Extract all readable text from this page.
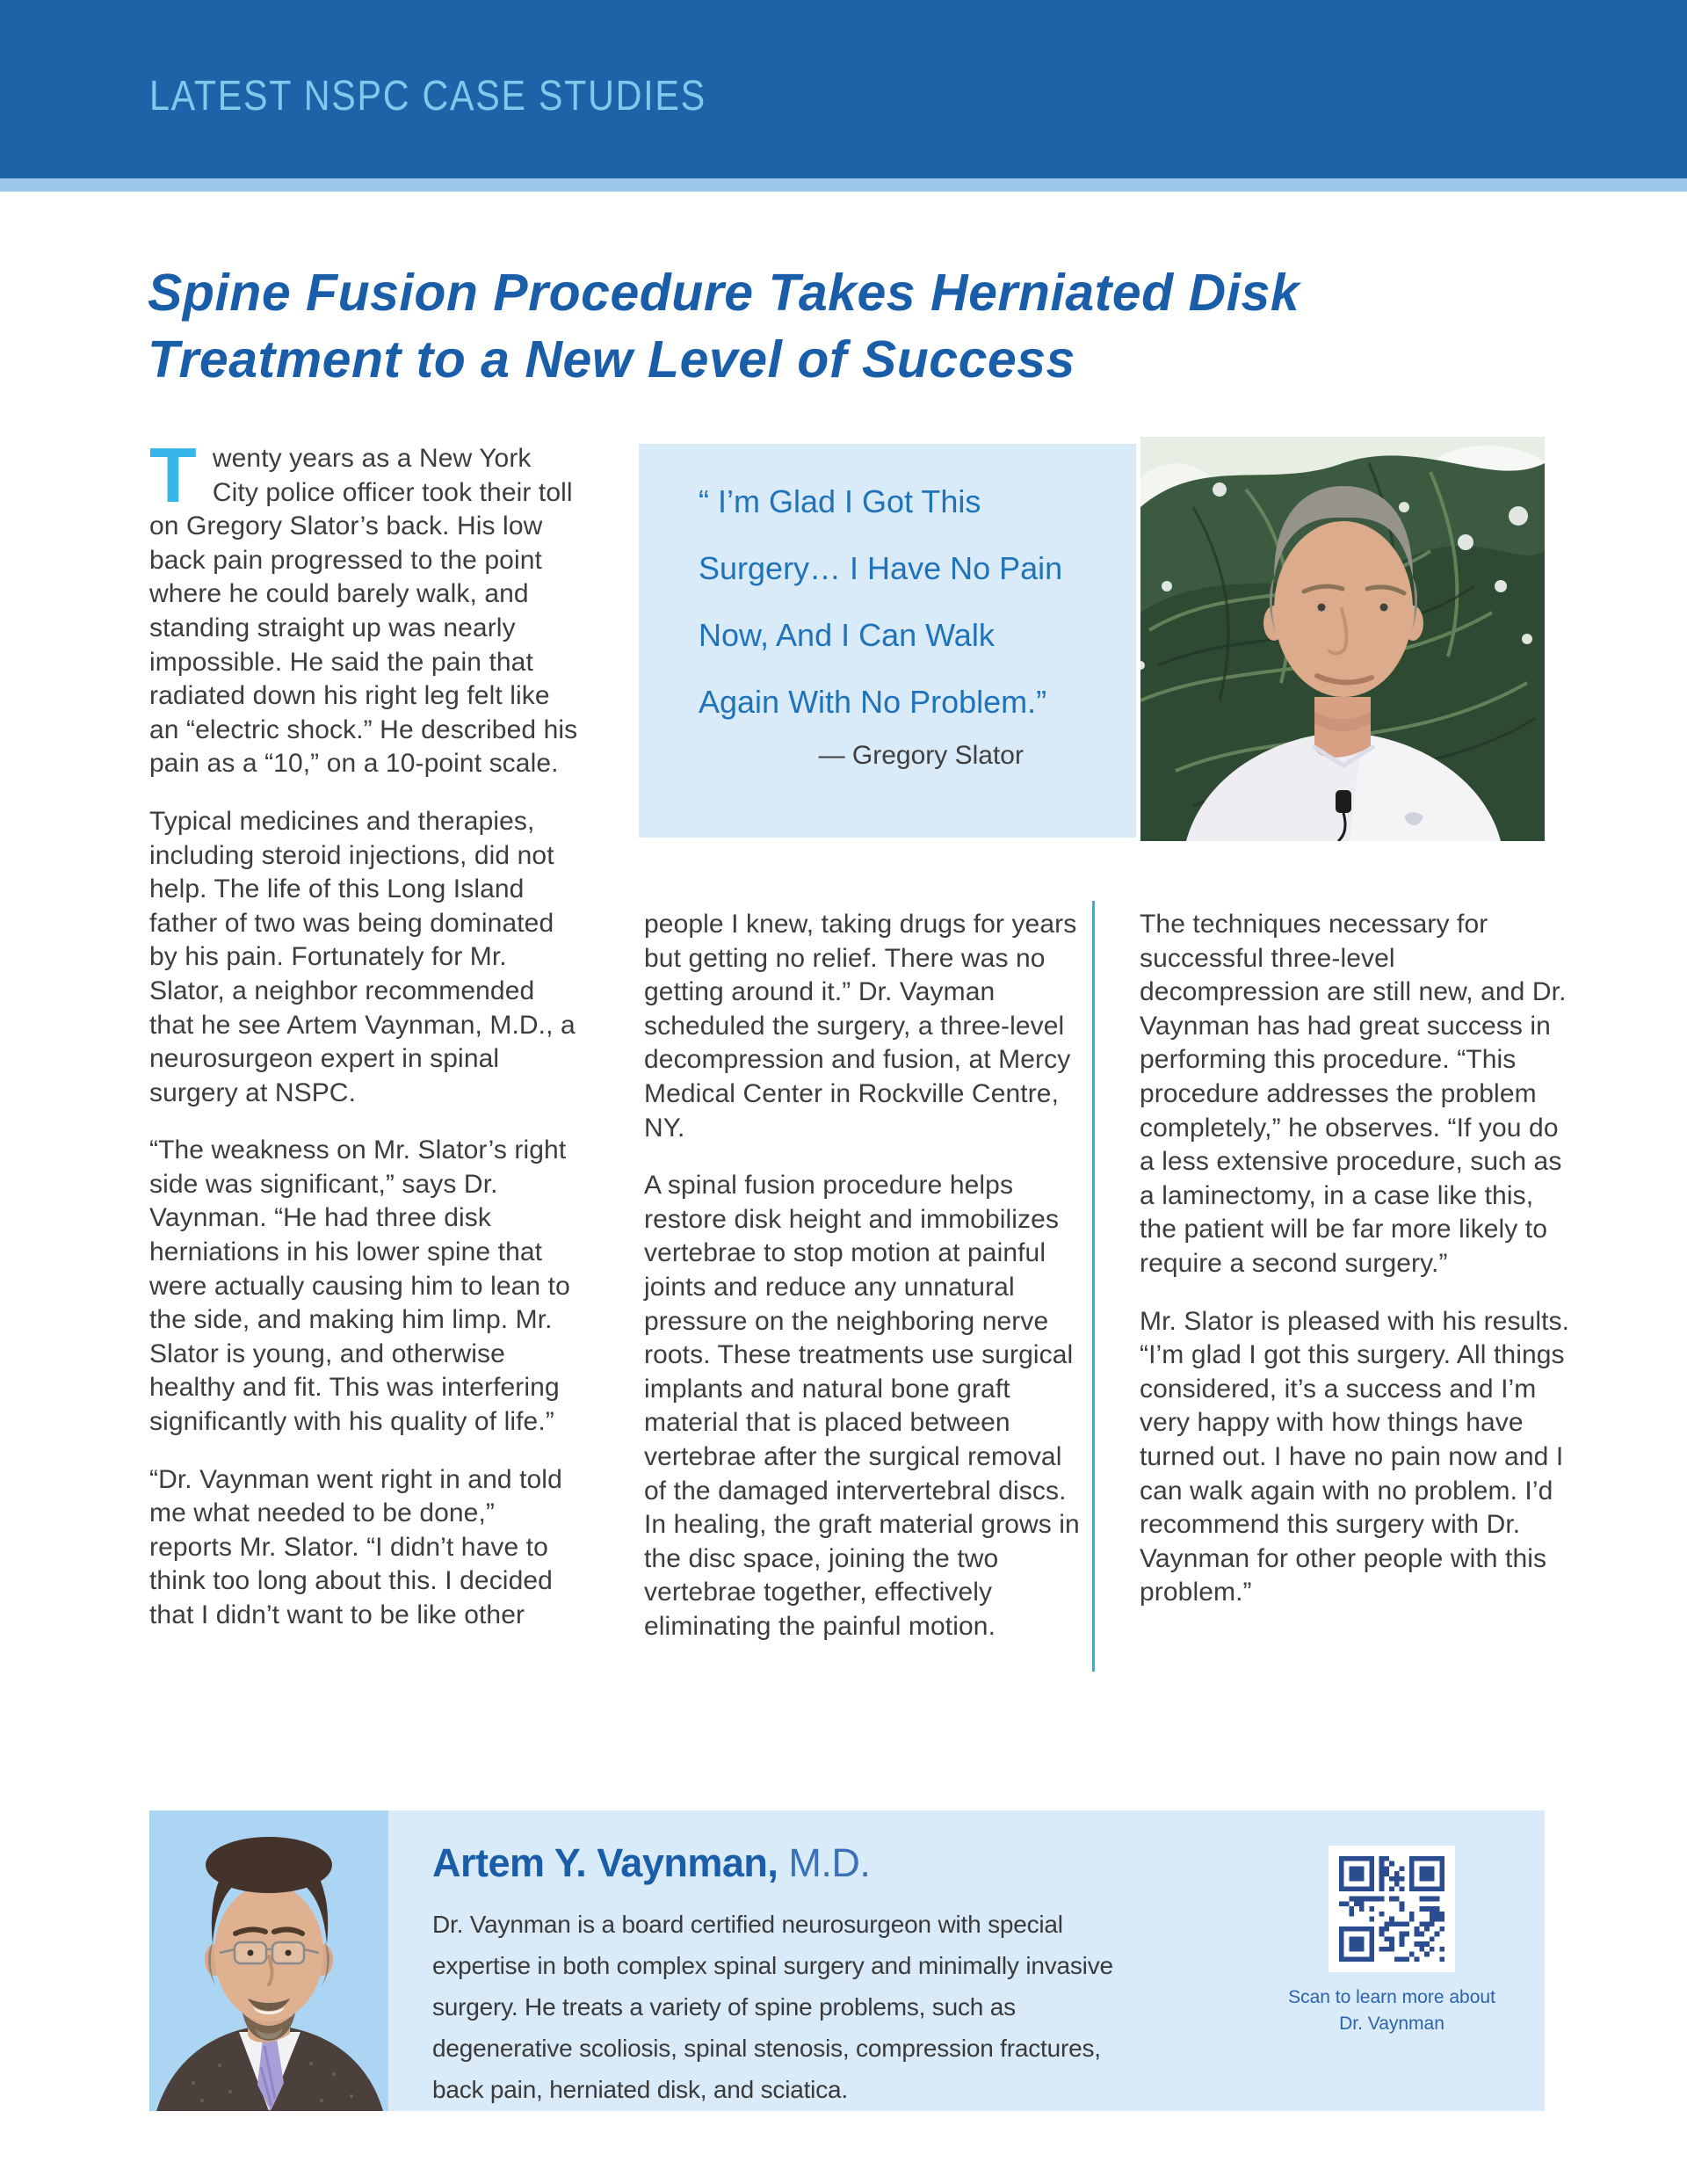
LATEST NSPC CASE STUDIES
Spine Fusion Procedure Takes Herniated Disk
Treatment to a New Level of Success

Twenty years as a New York City police officer took their toll on Gregory Slator’s back. His low back pain progressed to the point where he could barely walk, and standing straight up was nearly impossible. He said the pain that radiated down his right leg felt like an “electric shock.” He described his pain as a “10,” on a 10-point scale.

Typical medicines and therapies, including steroid injections, did not help. The life of this Long Island father of two was being dominated by his pain. Fortunately for Mr. Slator, a neighbor recommended that he see Artem Vaynman, M.D., a neurosurgeon expert in spinal surgery at NSPC.

“The weakness on Mr. Slator’s right side was significant,” says Dr. Vaynman. “He had three disk herniations in his lower spine that were actually causing him to lean to the side, and making him limp. Mr. Slator is young, and otherwise healthy and fit. This was interfering significantly with his quality of life.”

“Dr. Vaynman went right in and told me what needed to be done,” reports Mr. Slator. “I didn’t have to think too long about this. I decided that I didn’t want to be like other

“ I’m Glad I Got This
Surgery… I Have No Pain
Now, And I Can Walk
Again With No Problem.”
— Gregory Slator

people I knew, taking drugs for years but getting no relief. There was no getting around it.” Dr. Vayman scheduled the surgery, a three-level decompression and fusion, at Mercy Medical Center in Rockville Centre, NY.

A spinal fusion procedure helps restore disk height and immobilizes vertebrae to stop motion at painful joints and reduce any unnatural pressure on the neighboring nerve roots. These treatments use surgical implants and natural bone graft material that is placed between vertebrae after the surgical removal of the damaged intervertebral discs. In healing, the graft material grows in the disc space, joining the two vertebrae together, effectively eliminating the painful motion.

The techniques necessary for successful three-level decompression are still new, and Dr. Vaynman has had great success in performing this procedure. “This procedure addresses the problem completely,” he observes. “If you do a less extensive procedure, such as a laminectomy, in a case like this, the patient will be far more likely to require a second surgery.”

Mr. Slator is pleased with his results. “I’m glad I got this surgery. All things considered, it’s a success and I’m very happy with how things have turned out. I have no pain now and I can walk again with no problem. I’d recommend this surgery with Dr. Vaynman for other people with this problem.”

Artem Y. Vaynman, M.D.

Dr. Vaynman is a board certified neurosurgeon with special expertise in both complex spinal surgery and minimally invasive surgery. He treats a variety of spine problems, such as degenerative scoliosis, spinal stenosis, compression fractures, back pain, herniated disk, and sciatica.

Scan to learn more about
Dr. Vaynman
